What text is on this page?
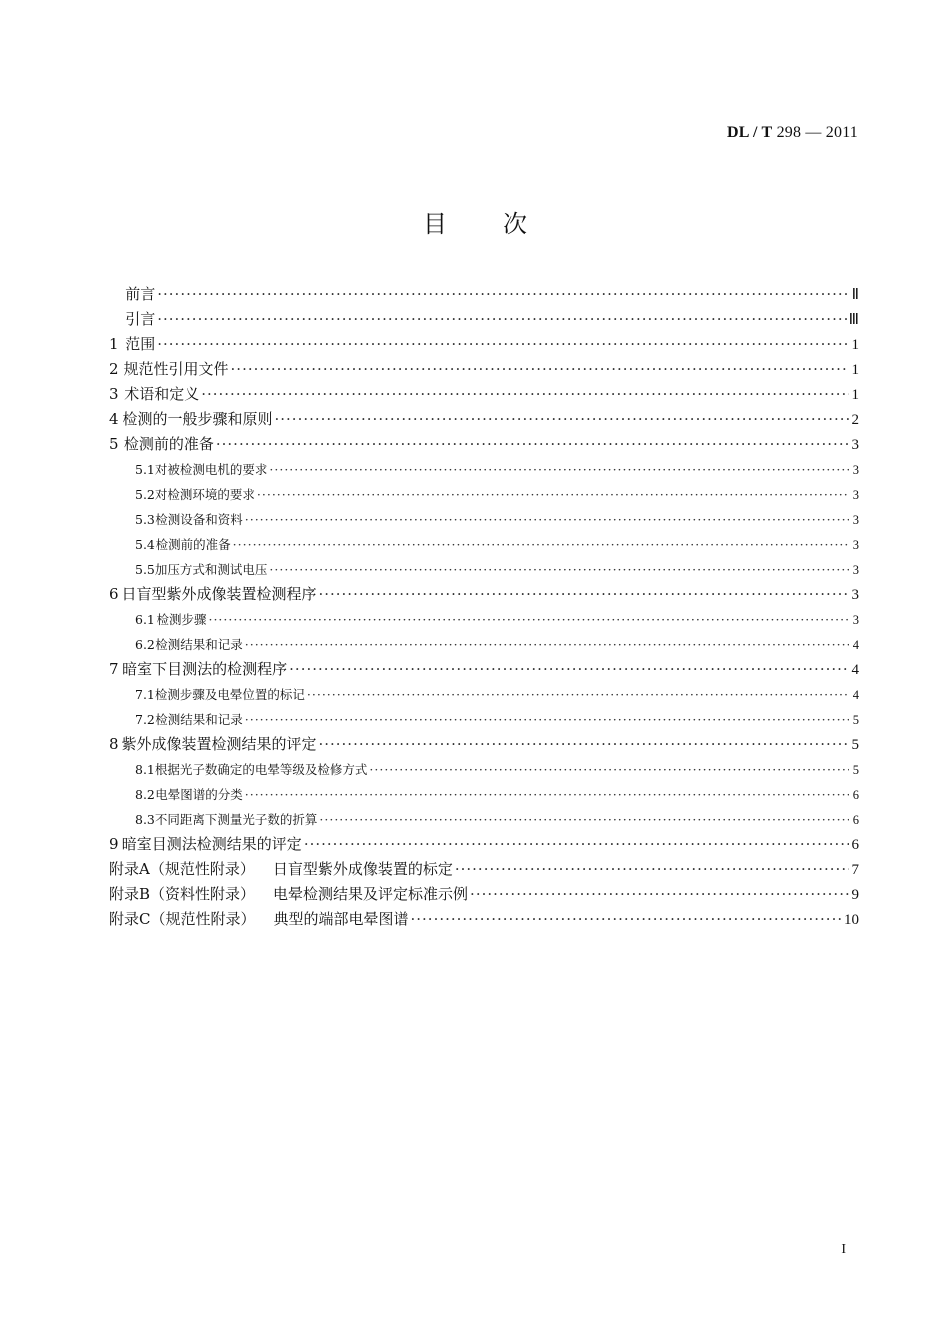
DL / T 298 — 2011
目次
前言 ·····	Ⅱ
引言 ·····	Ⅲ
1 范围 ·····	1
2 规范性引用文件 ·····	1
3 术语和定义 ·····	1
4 检测的一般步骤和原则 ·····	2
5 检测前的准备 ·····	3
5.1 对被检测电机的要求 ·····	3
5.2 对检测环境的要求 ·····	3
5.3 检测设备和资料 ·····	3
5.4 检测前的准备 ·····	3
5.5 加压方式和测试电压 ·····	3
6 日盲型紫外成像装置检测程序 ·····	3
6.1 检测步骤 ·····	3
6.2 检测结果和记录 ·····	4
7 暗室下目测法的检测程序 ·····	4
7.1 检测步骤及电晕位置的标记 ·····	4
7.2 检测结果和记录 ·····	5
8 紫外成像装置检测结果的评定 ·····	5
8.1 根据光子数确定的电晕等级及检修方式 ·····	5
8.2 电晕图谱的分类 ·····	6
8.3 不同距离下测量光子数的折算 ·····	6
9 暗室目测法检测结果的评定 ·····	6
附录A（规范性附录） 日盲型紫外成像装置的标定 ·····	7
附录B（资料性附录） 电晕检测结果及评定标准示例 ·····	9
附录C（规范性附录） 典型的端部电晕图谱 ·····	10
I
